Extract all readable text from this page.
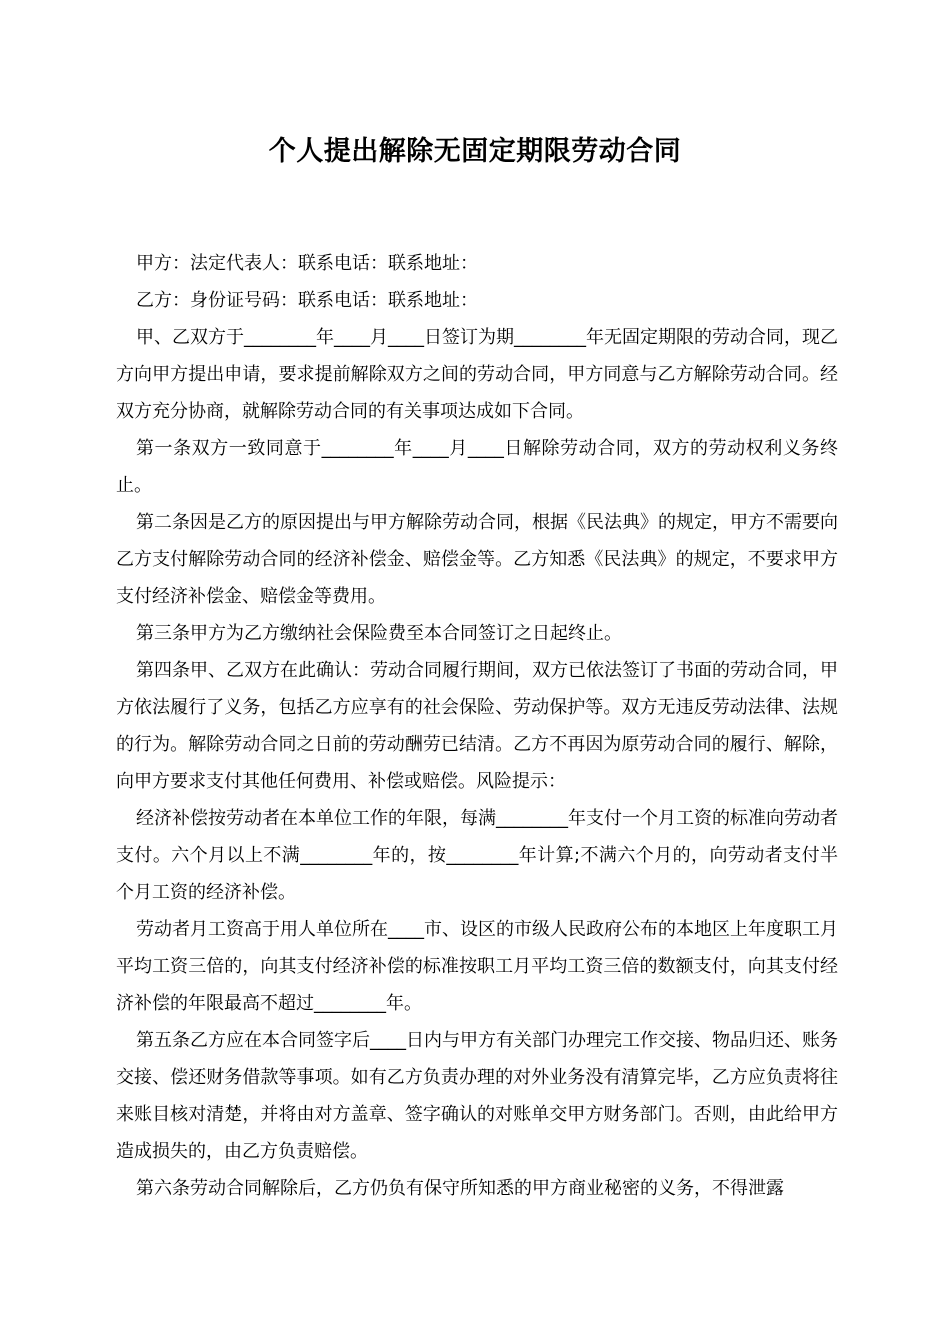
个人提出解除无固定期限劳动合同

甲方：法定代表人：联系电话：联系地址：

乙方：身份证号码：联系电话：联系地址：

甲、乙双方于________年____月____日签订为期________年无固定期限的劳动合同，现乙方向甲方提出申请，要求提前解除双方之间的劳动合同，甲方同意与乙方解除劳动合同。经双方充分协商，就解除劳动合同的有关事项达成如下合同。

第一条双方一致同意于________年____月____日解除劳动合同，双方的劳动权利义务终止。

第二条因是乙方的原因提出与甲方解除劳动合同，根据《民法典》的规定，甲方不需要向乙方支付解除劳动合同的经济补偿金、赔偿金等。乙方知悉《民法典》的规定，不要求甲方支付经济补偿金、赔偿金等费用。

第三条甲方为乙方缴纳社会保险费至本合同签订之日起终止。

第四条甲、乙双方在此确认：劳动合同履行期间，双方已依法签订了书面的劳动合同，甲方依法履行了义务，包括乙方应享有的社会保险、劳动保护等。双方无违反劳动法律、法规的行为。解除劳动合同之日前的劳动酬劳已结清。乙方不再因为原劳动合同的履行、解除，向甲方要求支付其他任何费用、补偿或赔偿。风险提示：

经济补偿按劳动者在本单位工作的年限，每满________年支付一个月工资的标准向劳动者支付。六个月以上不满________年的，按________年计算;不满六个月的，向劳动者支付半个月工资的经济补偿。

劳动者月工资高于用人单位所在____市、设区的市级人民政府公布的本地区上年度职工月平均工资三倍的，向其支付经济补偿的标准按职工月平均工资三倍的数额支付，向其支付经济补偿的年限最高不超过________年。

第五条乙方应在本合同签字后____日内与甲方有关部门办理完工作交接、物品归还、账务交接、偿还财务借款等事项。如有乙方负责办理的对外业务没有清算完毕，乙方应负责将往来账目核对清楚，并将由对方盖章、签字确认的对账单交甲方财务部门。否则，由此给甲方造成损失的，由乙方负责赔偿。

第六条劳动合同解除后，乙方仍负有保守所知悉的甲方商业秘密的义务，不得泄露
